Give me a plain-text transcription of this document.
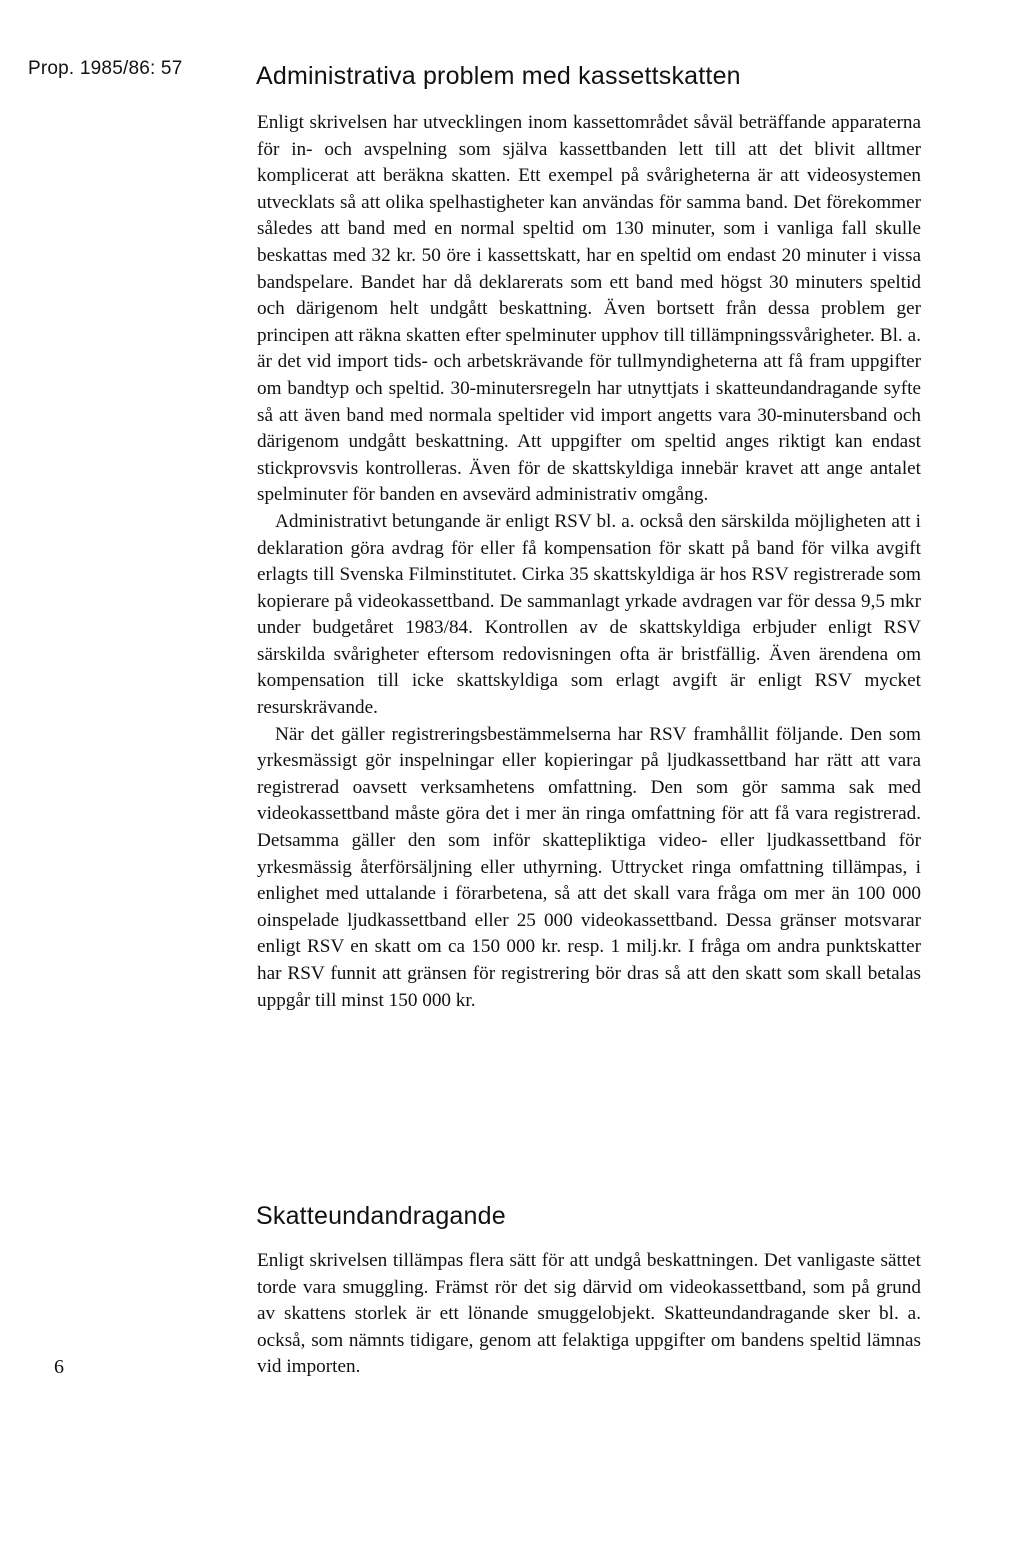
Prop. 1985/86: 57	Administrativa problem med kassettskatten

Enligt skrivelsen har utvecklingen inom kassettområdet såväl beträffande apparaterna för in- och avspelning som själva kassettbanden lett till att det blivit alltmer komplicerat att beräkna skatten. Ett exempel på svårigheterna är att videosystemen utvecklats så att olika spelhastigheter kan användas för samma band. Det förekommer således att band med en normal speltid om 130 minuter, som i vanliga fall skulle beskattas med 32 kr. 50 öre i kassettskatt, har en speltid om endast 20 minuter i vissa bandspelare. Bandet har då deklarerats som ett band med högst 30 minuters speltid och därigenom helt undgått beskattning. Även bortsett från dessa problem ger principen att räkna skatten efter spelminuter upphov till tillämpningssvårigheter. Bl. a. är det vid import tids- och arbetskrävande för tullmyndigheterna att få fram uppgifter om bandtyp och speltid. 30-minutersregeln har utnyttjats i skatteundandragande syfte så att även band med normala speltider vid import angetts vara 30-minutersband och därigenom undgått beskattning. Att uppgifter om speltid anges riktigt kan endast stickprovsvis kontrolleras. Även för de skattskyldiga innebär kravet att ange antalet spelminuter för banden en avsevärd administrativ omgång.

Administrativt betungande är enligt RSV bl. a. också den särskilda möjligheten att i deklaration göra avdrag för eller få kompensation för skatt på band för vilka avgift erlagts till Svenska Filminstitutet. Cirka 35 skattskyldiga är hos RSV registrerade som kopierare på videokassettband. De sammanlagt yrkade avdragen var för dessa 9,5 mkr under budgetåret 1983/84. Kontrollen av de skattskyldiga erbjuder enligt RSV särskilda svårigheter eftersom redovisningen ofta är bristfällig. Även ärendena om kompensation till icke skattskyldiga som erlagt avgift är enligt RSV mycket resurskrävande.

När det gäller registreringsbestämmelserna har RSV framhållit följande. Den som yrkesmässigt gör inspelningar eller kopieringar på ljudkassettband har rätt att vara registrerad oavsett verksamhetens omfattning. Den som gör samma sak med videokassettband måste göra det i mer än ringa omfattning för att få vara registrerad. Detsamma gäller den som inför skattepliktiga video- eller ljudkassettband för yrkesmässig återförsäljning eller uthyrning. Uttrycket ringa omfattning tillämpas, i enlighet med uttalande i förarbetena, så att det skall vara fråga om mer än 100 000 oinspelade ljudkassettband eller 25 000 videokassettband. Dessa gränser motsvarar enligt RSV en skatt om ca 150 000 kr. resp. 1 milj.kr. I fråga om andra punktskatter har RSV funnit att gränsen för registrering bör dras så att den skatt som skall betalas uppgår till minst 150 000 kr.

Skatteundandragande

Enligt skrivelsen tillämpas flera sätt för att undgå beskattningen. Det vanligaste sättet torde vara smuggling. Främst rör det sig därvid om videokassettband, som på grund av skattens storlek är ett lönande smuggelobjekt. Skatteundandragande sker bl. a. också, som nämnts tidigare, genom att felaktiga uppgifter om bandens speltid lämnas vid importen.

6
